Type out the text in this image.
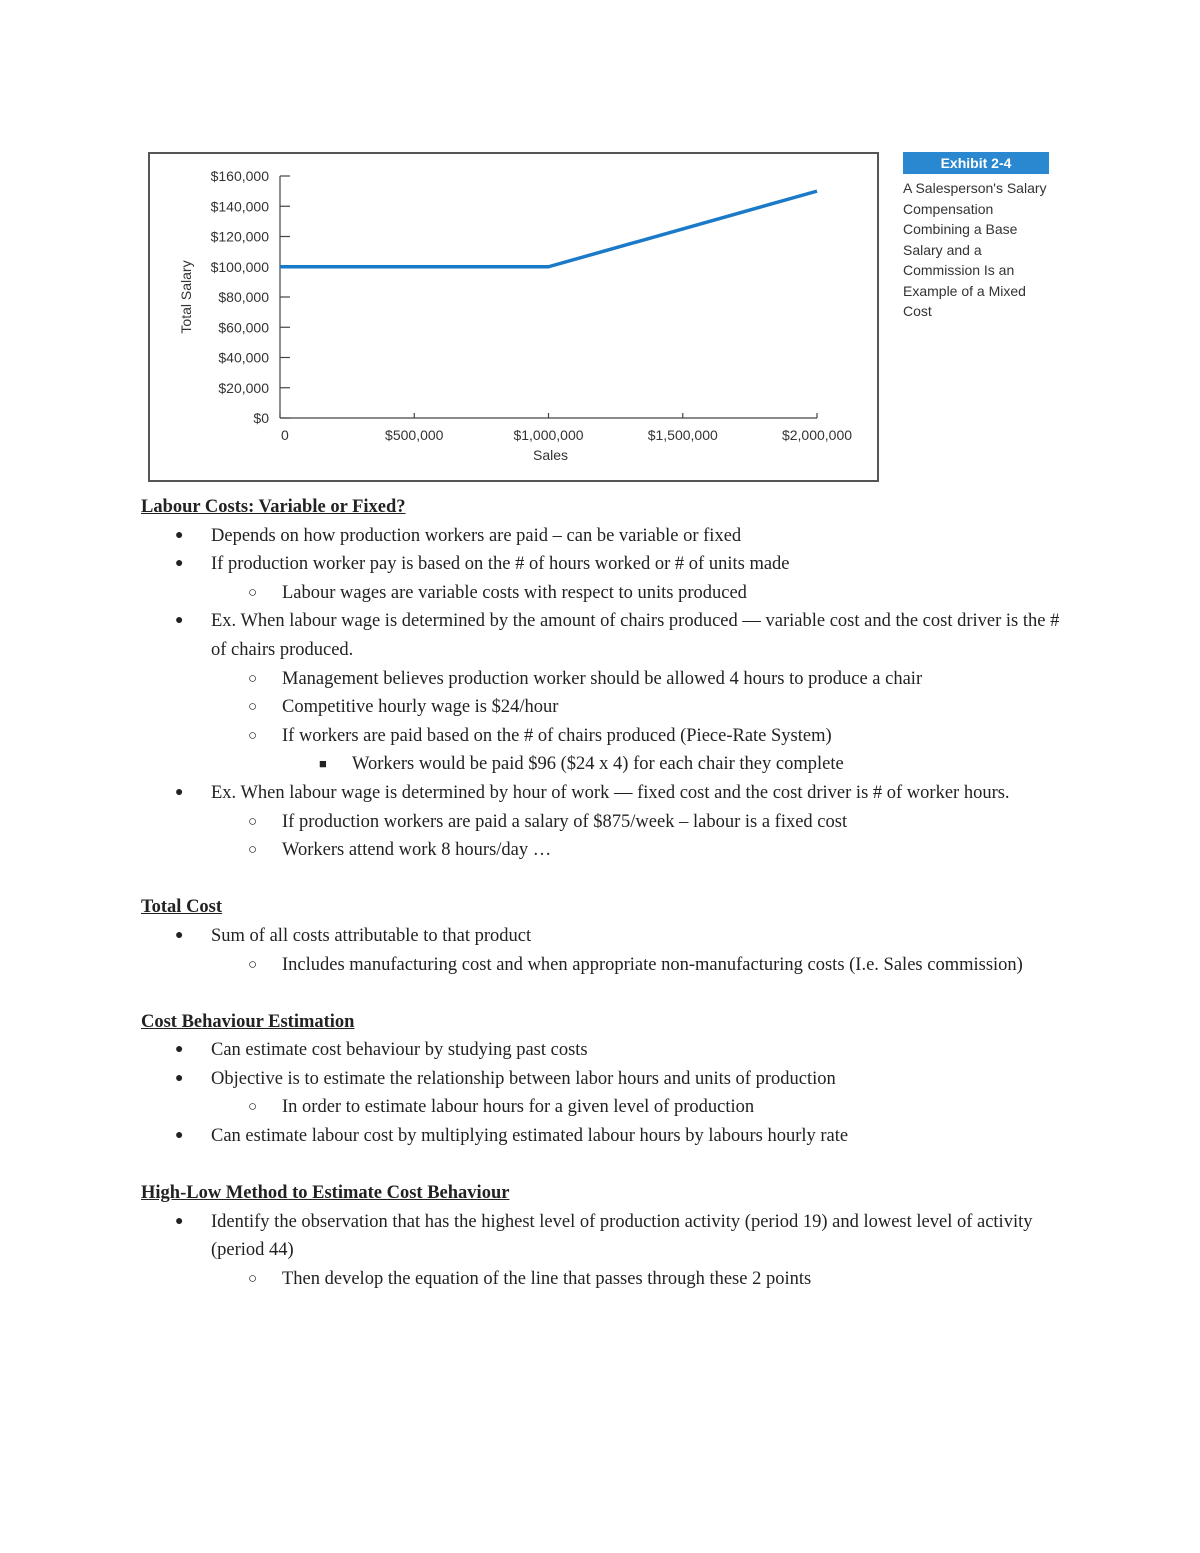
$0
$20,000
$40,000
$60,000
$80,000
$100,000
$120,000
$140,000
$160,000
0	$500,000	$1,000,000	$1,500,000	$2,000,000
Sales
Total Salary
Exhibit 2-4
A Salesperson's Salary Compensation Combining a Base Salary and a Commission Is an Example of a Mixed Cost
Labour Costs: Variable or Fixed?
● Depends on how production workers are paid – can be variable or fixed
● If production worker pay is based on the # of hours worked or # of units made
○ Labour wages are variable costs with respect to units produced
● Ex. When labour wage is determined by the amount of chairs produced — variable cost and the cost driver is the # of chairs produced.
○ Management believes production worker should be allowed 4 hours to produce a chair
○ Competitive hourly wage is $24/hour
○ If workers are paid based on the # of chairs produced (Piece-Rate System)
■ Workers would be paid $96 ($24 x 4) for each chair they complete
● Ex. When labour wage is determined by hour of work — fixed cost and the cost driver is # of worker hours.
○ If production workers are paid a salary of $875/week – labour is a fixed cost
○ Workers attend work 8 hours/day …
Total Cost
● Sum of all costs attributable to that product
○ Includes manufacturing cost and when appropriate non-manufacturing costs (I.e. Sales commission)
Cost Behaviour Estimation
● Can estimate cost behaviour by studying past costs
● Objective is to estimate the relationship between labor hours and units of production
○ In order to estimate labour hours for a given level of production
● Can estimate labour cost by multiplying estimated labour hours by labours hourly rate
High-Low Method to Estimate Cost Behaviour
● Identify the observation that has the highest level of production activity (period 19) and lowest level of activity (period 44)
○ Then develop the equation of the line that passes through these 2 points
